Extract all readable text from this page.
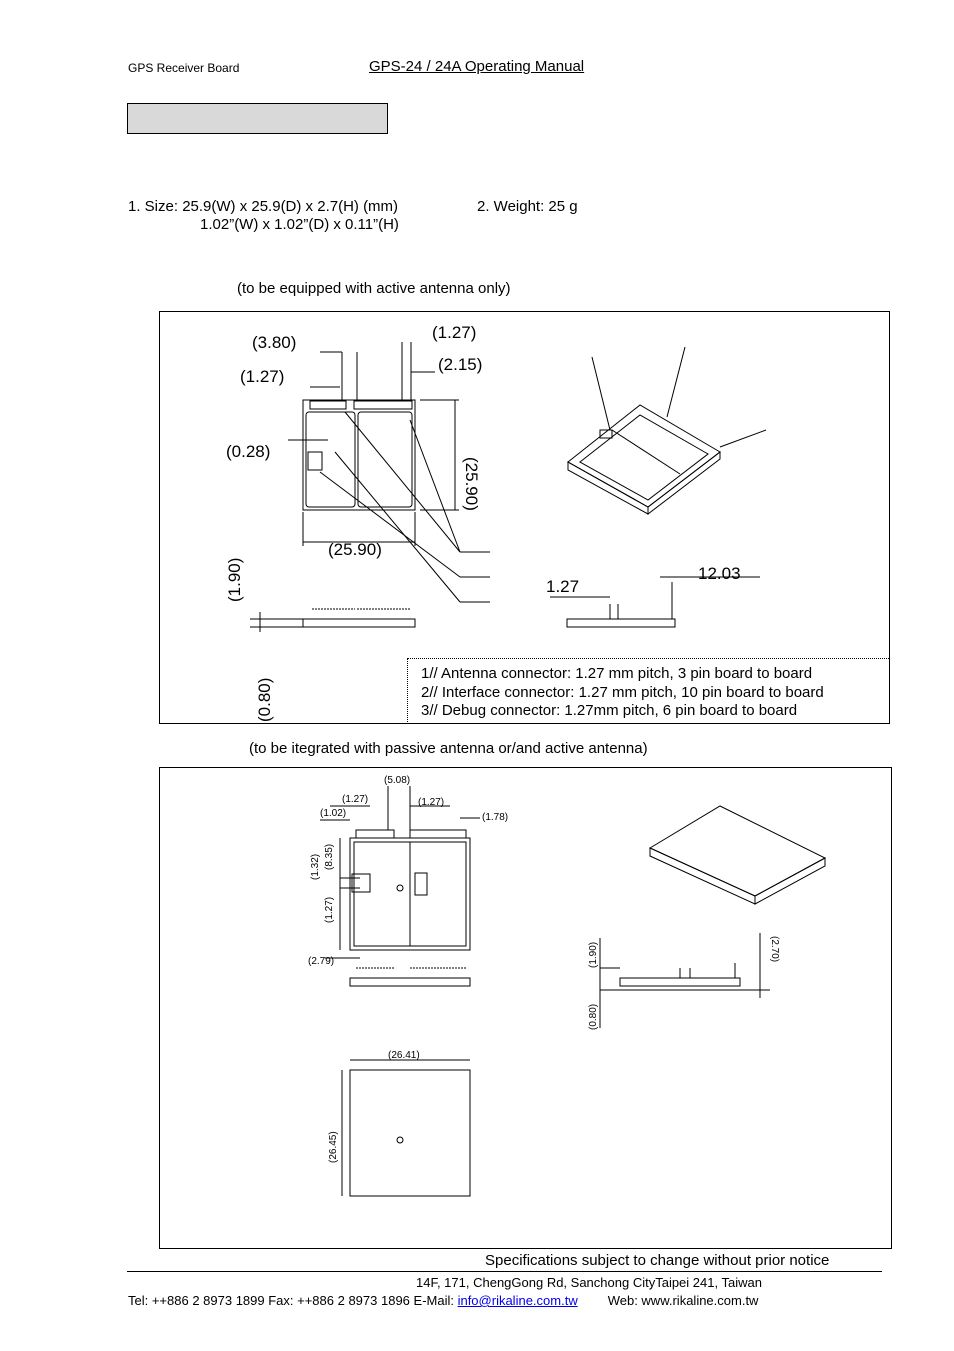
GPS Receiver Board	GPS-24 / 24A Operating Manual
1. Size: 25.9(W) x 25.9(D) x 2.7(H) (mm)	2. Weight: 25 g
1.02”(W) x 1.02”(D) x 0.11”(H)
(to be equipped with active antenna only)
(3.80)
(1.27)
(1.27)
(2.15)
(0.28)
(25.90)
(25.90)
(1.90)
(0.80)
1.27
12.03
1// Antenna connector: 1.27 mm pitch, 3 pin board to board
2// Interface connector: 1.27 mm pitch, 10 pin board to board
3// Debug connector: 1.27mm pitch, 6 pin board to board
(to be itegrated with passive antenna or/and active antenna)
(5.08)
(1.27)	(1.27)
(1.02)	(1.78)
(1.32) (8.35)
(1.27)
(2.79)	(1.90)	(2.70)
(0.80)
(26.41)
(26.45)
Specifications subject to change without prior notice
14F, 171, ChengGong Rd, Sanchong CityTaipei 241, Taiwan
Tel: ++886 2 8973 1899 Fax: ++886 2 8973 1896 E-Mail: info@rikaline.com.tw Web: www.rikaline.com.tw
